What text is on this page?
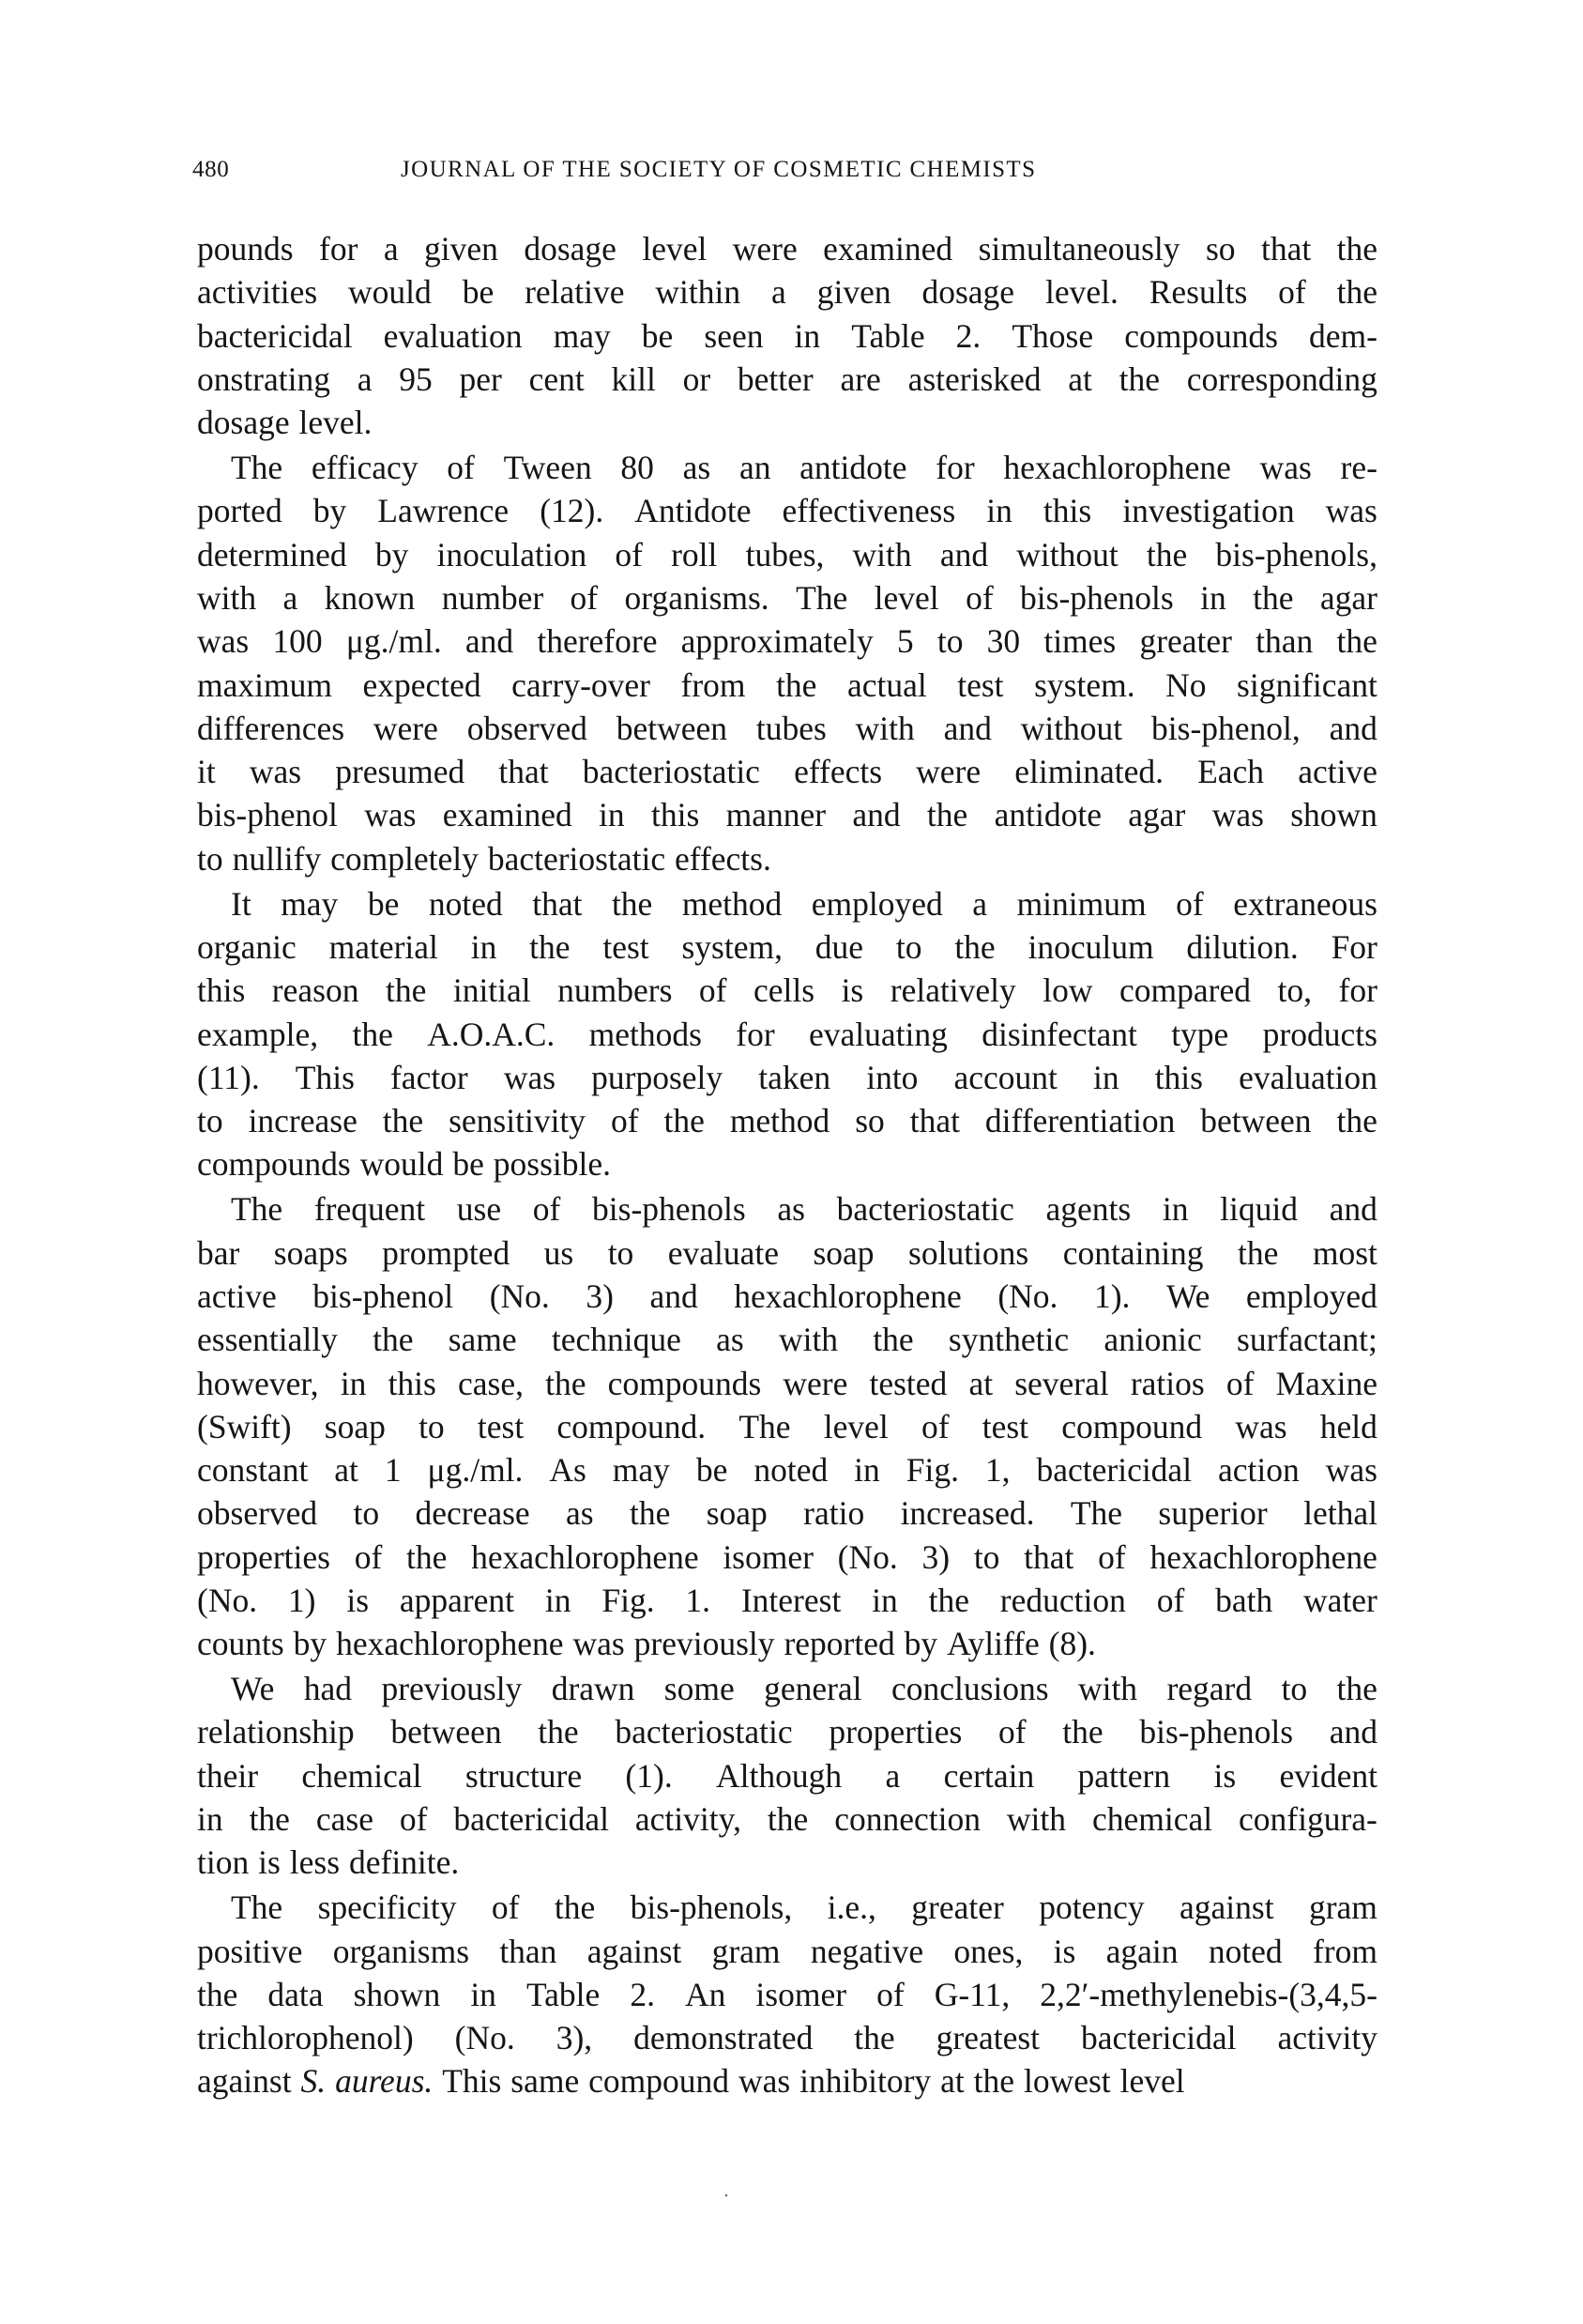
480	JOURNAL OF THE SOCIETY OF COSMETIC CHEMISTS
pounds for a given dosage level were examined simultaneously so that the
activities would be relative within a given dosage level. Results of the
bactericidal evaluation may be seen in Table 2. Those compounds dem-
onstrating a 95 per cent kill or better are asterisked at the corresponding
dosage level.
The efficacy of Tween 80 as an antidote for hexachlorophene was re-
ported by Lawrence (12). Antidote effectiveness in this investigation was
determined by inoculation of roll tubes, with and without the bis-phenols,
with a known number of organisms. The level of bis-phenols in the agar
was 100 μg./ml. and therefore approximately 5 to 30 times greater than the
maximum expected carry-over from the actual test system. No significant
differences were observed between tubes with and without bis-phenol, and
it was presumed that bacteriostatic effects were eliminated. Each active
bis-phenol was examined in this manner and the antidote agar was shown
to nullify completely bacteriostatic effects.
It may be noted that the method employed a minimum of extraneous
organic material in the test system, due to the inoculum dilution. For
this reason the initial numbers of cells is relatively low compared to, for
example, the A.O.A.C. methods for evaluating disinfectant type products
(11). This factor was purposely taken into account in this evaluation
to increase the sensitivity of the method so that differentiation between the
compounds would be possible.
The frequent use of bis-phenols as bacteriostatic agents in liquid and
bar soaps prompted us to evaluate soap solutions containing the most
active bis-phenol (No. 3) and hexachlorophene (No. 1). We employed
essentially the same technique as with the synthetic anionic surfactant;
however, in this case, the compounds were tested at several ratios of Maxine
(Swift) soap to test compound. The level of test compound was held
constant at 1 μg./ml. As may be noted in Fig. 1, bactericidal action was
observed to decrease as the soap ratio increased. The superior lethal
properties of the hexachlorophene isomer (No. 3) to that of hexachlorophene
(No. 1) is apparent in Fig. 1. Interest in the reduction of bath water
counts by hexachlorophene was previously reported by Ayliffe (8).
We had previously drawn some general conclusions with regard to the
relationship between the bacteriostatic properties of the bis-phenols and
their chemical structure (1). Although a certain pattern is evident
in the case of bactericidal activity, the connection with chemical configura-
tion is less definite.
The specificity of the bis-phenols, i.e., greater potency against gram
positive organisms than against gram negative ones, is again noted from
the data shown in Table 2. An isomer of G-11, 2,2′-methylenebis-(3,4,5-
trichlorophenol) (No. 3), demonstrated the greatest bactericidal activity
against S. aureus. This same compound was inhibitory at the lowest level
